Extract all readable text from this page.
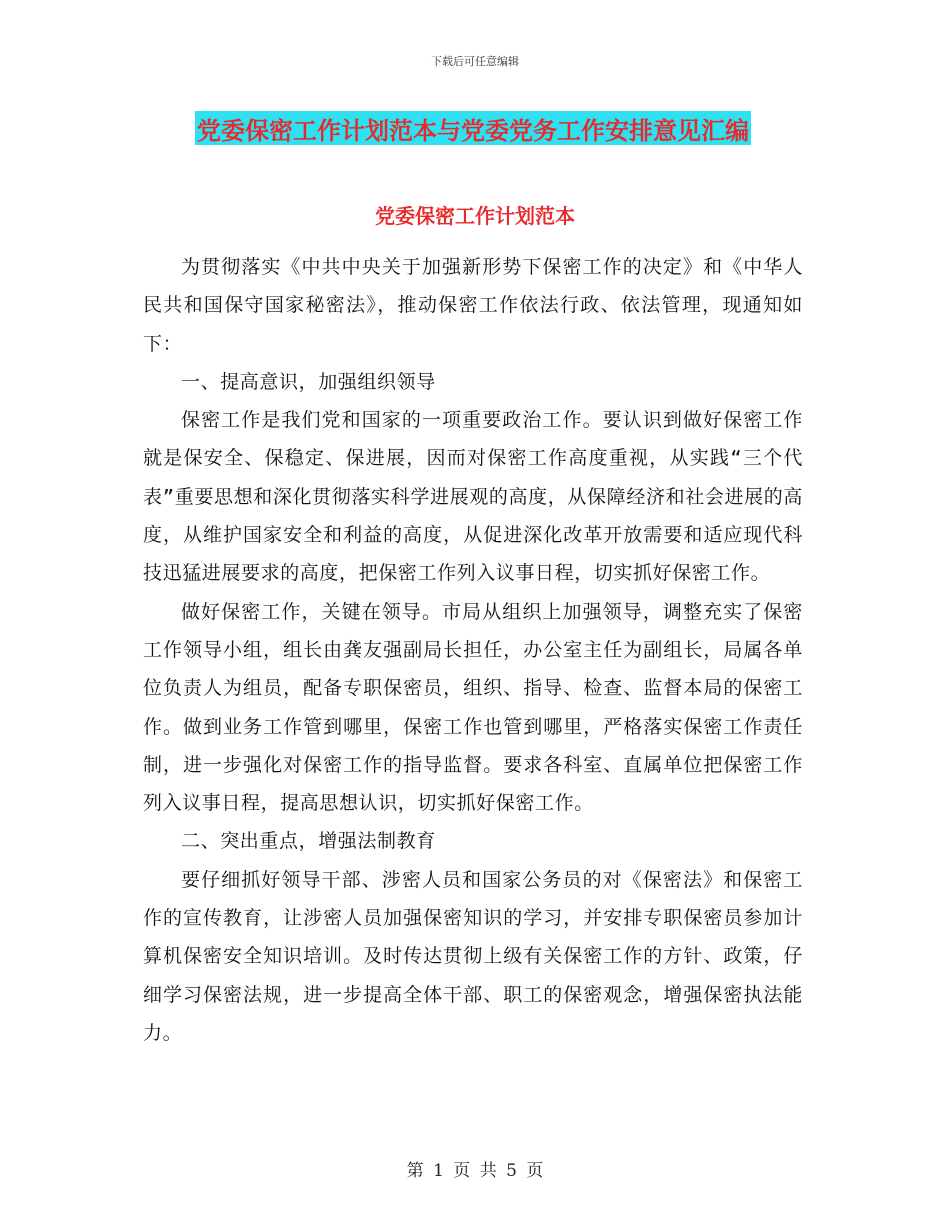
下载后可任意编辑
党委保密工作计划范本与党委党务工作安排意见汇编
党委保密工作计划范本

为贯彻落实《中共中央关于加强新形势下保密工作的决定》和《中华人民共和国保守国家秘密法》，推动保密工作依法行政、依法管理，现通知如下：

一、提高意识，加强组织领导

保密工作是我们党和国家的一项重要政治工作。要认识到做好保密工作就是保安全、保稳定、保进展，因而对保密工作高度重视，从实践“三个代表”重要思想和深化贯彻落实科学进展观的高度，从保障经济和社会进展的高度，从维护国家安全和利益的高度，从促进深化改革开放需要和适应现代科技迅猛进展要求的高度，把保密工作列入议事日程，切实抓好保密工作。

做好保密工作，关键在领导。市局从组织上加强领导，调整充实了保密工作领导小组，组长由龚友强副局长担任，办公室主任为副组长，局属各单位负责人为组员，配备专职保密员，组织、指导、检查、监督本局的保密工作。做到业务工作管到哪里，保密工作也管到哪里，严格落实保密工作责任制，进一步强化对保密工作的指导监督。要求各科室、直属单位把保密工作列入议事日程，提高思想认识，切实抓好保密工作。

二、突出重点，增强法制教育

要仔细抓好领导干部、涉密人员和国家公务员的对《保密法》和保密工作的宣传教育，让涉密人员加强保密知识的学习，并安排专职保密员参加计算机保密安全知识培训。及时传达贯彻上级有关保密工作的方针、政策，仔细学习保密法规，进一步提高全体干部、职工的保密观念，增强保密执法能力。

第 1 页 共 5 页
